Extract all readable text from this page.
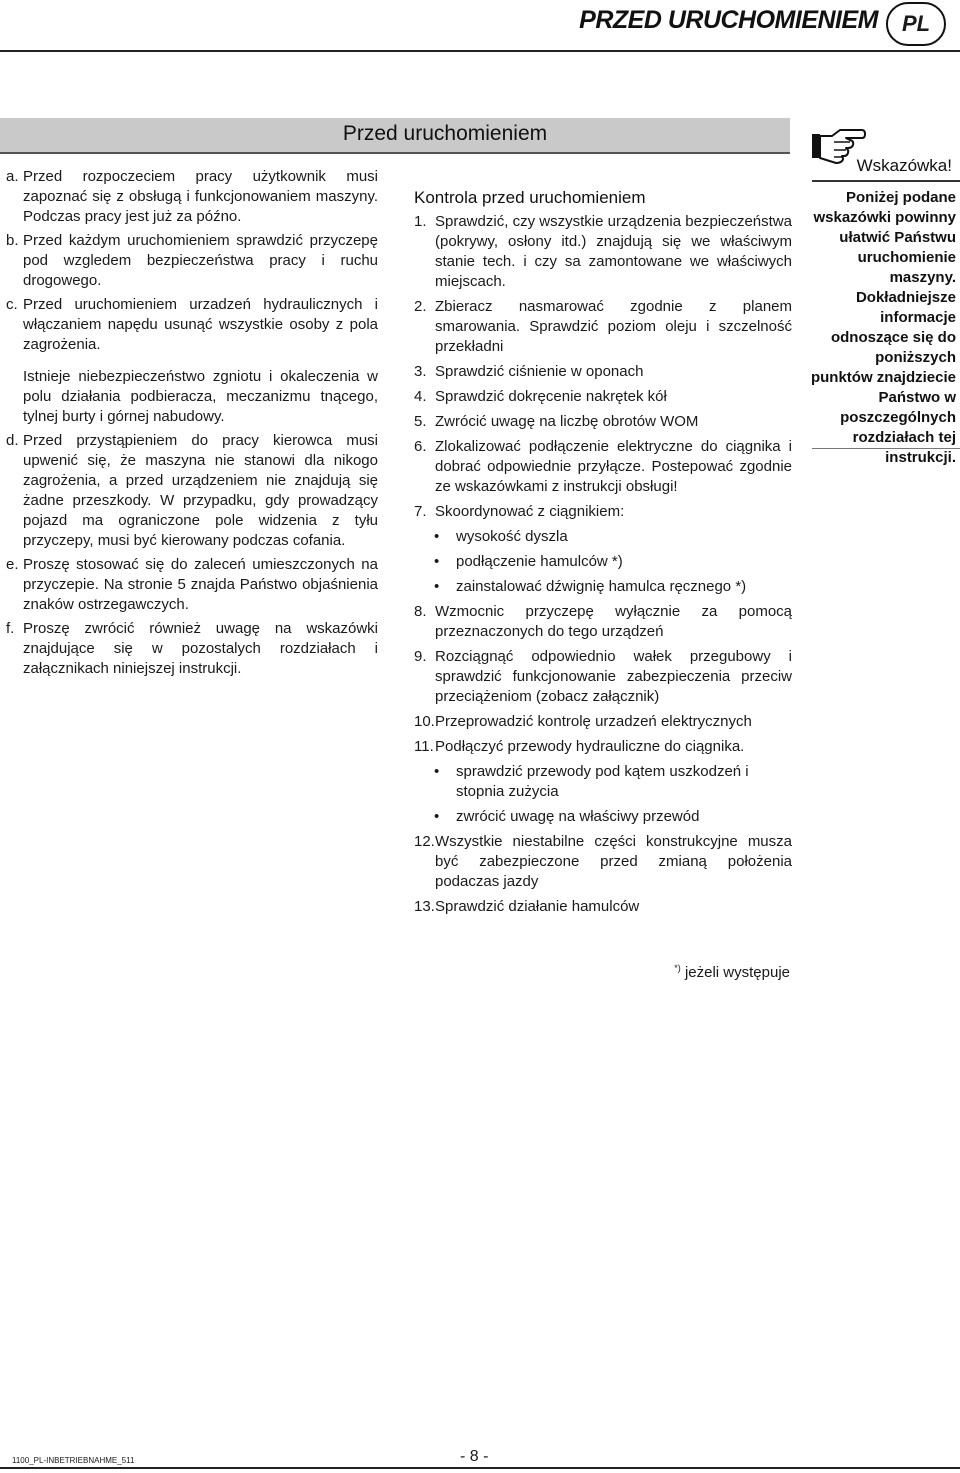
PRZED URUCHOMIENIEM	PL
Przed uruchomieniem
Wskazówka!
Poniżej podane wskazówki powinny ułatwić Państwu uruchomienie maszyny. Dokładniejsze informacje odnoszące się do poniższych punktów znajdziecie Państwo w poszczególnych rozdziałach tej instrukcji.
a. Przed rozpoczeciem pracy użytkownik musi zapoznać się z obsługą i funkcjonowaniem maszyny. Podczas pracy jest już za późno.
b. Przed każdym uruchomieniem sprawdzić przyczepę pod wzgledem bezpieczeństwa pracy i ruchu drogowego.
c. Przed uruchomieniem urzadzeń hydraulicznych i włączaniem napędu usunąć wszystkie osoby z pola zagrożenia.
Istnieje niebezpieczeństwo zgniotu i okaleczenia w polu działania podbieracza, meczanizmu tnącego, tylnej burty i górnej nabudowy.
d. Przed przystąpieniem do pracy kierowca musi upwenić się, że maszyna nie stanowi dla nikogo zagrożenia, a przed urządzeniem nie znajdują się żadne przeszkody. W przypadku, gdy prowadzący pojazd ma ograniczone pole widzenia z tyłu przyczepy, musi być kierowany podczas cofania.
e. Proszę stosować się do zaleceń umieszczonych na przyczepie. Na stronie 5 znajda Państwo objaśnienia znaków ostrzegawczych.
f. Proszę zwrócić również uwagę na wskazówki znajdujące się w pozostalych rozdziałach i załącznikach niniejszej instrukcji.
Kontrola przed uruchomieniem
1. Sprawdzić, czy wszystkie urządzenia bezpieczeństwa (pokrywy, osłony itd.) znajdują się we właściwym stanie tech. i czy sa zamontowane we właściwych miejscach.
2. Zbieracz nasmarować zgodnie z planem smarowania. Sprawdzić poziom oleju i szczelność przekładni
3. Sprawdzić ciśnienie w oponach
4. Sprawdzić dokręcenie nakrętek kół
5. Zwrócić uwagę na liczbę obrotów WOM
6. Zlokalizować podłączenie elektryczne do ciągnika i dobrać odpowiednie przyłącze. Postepować zgodnie ze wskazówkami z instrukcji obsługi!
7. Skoordynować z ciągnikiem:
•	wysokość dyszla
•	podłączenie hamulców *)
•	zainstalować dźwignię hamulca ręcznego *)
8. Wzmocnic przyczepę wyłącznie za pomocą przeznaczonych do tego urządzeń
9. Rozciągnąć odpowiednio wałek przegubowy i sprawdzić funkcjonowanie zabezpieczenia przeciw przeciążeniom (zobacz załącznik)
10. Przeprowadzić kontrolę urzadzeń elektrycznych
11. Podłączyć przewody hydrauliczne do ciągnika.
•	sprawdzić przewody pod kątem uszkodzeń i stopnia zużycia
•	zwrócić uwagę na właściwy przewód
12. Wszystkie niestabilne części konstrukcyjne musza być zabezpieczone przed zmianą położenia podaczas jazdy
13. Sprawdzić działanie hamulców
*) jeżeli występuje
1100_PL-INBETRIEBNAHME_511	- 8 -
